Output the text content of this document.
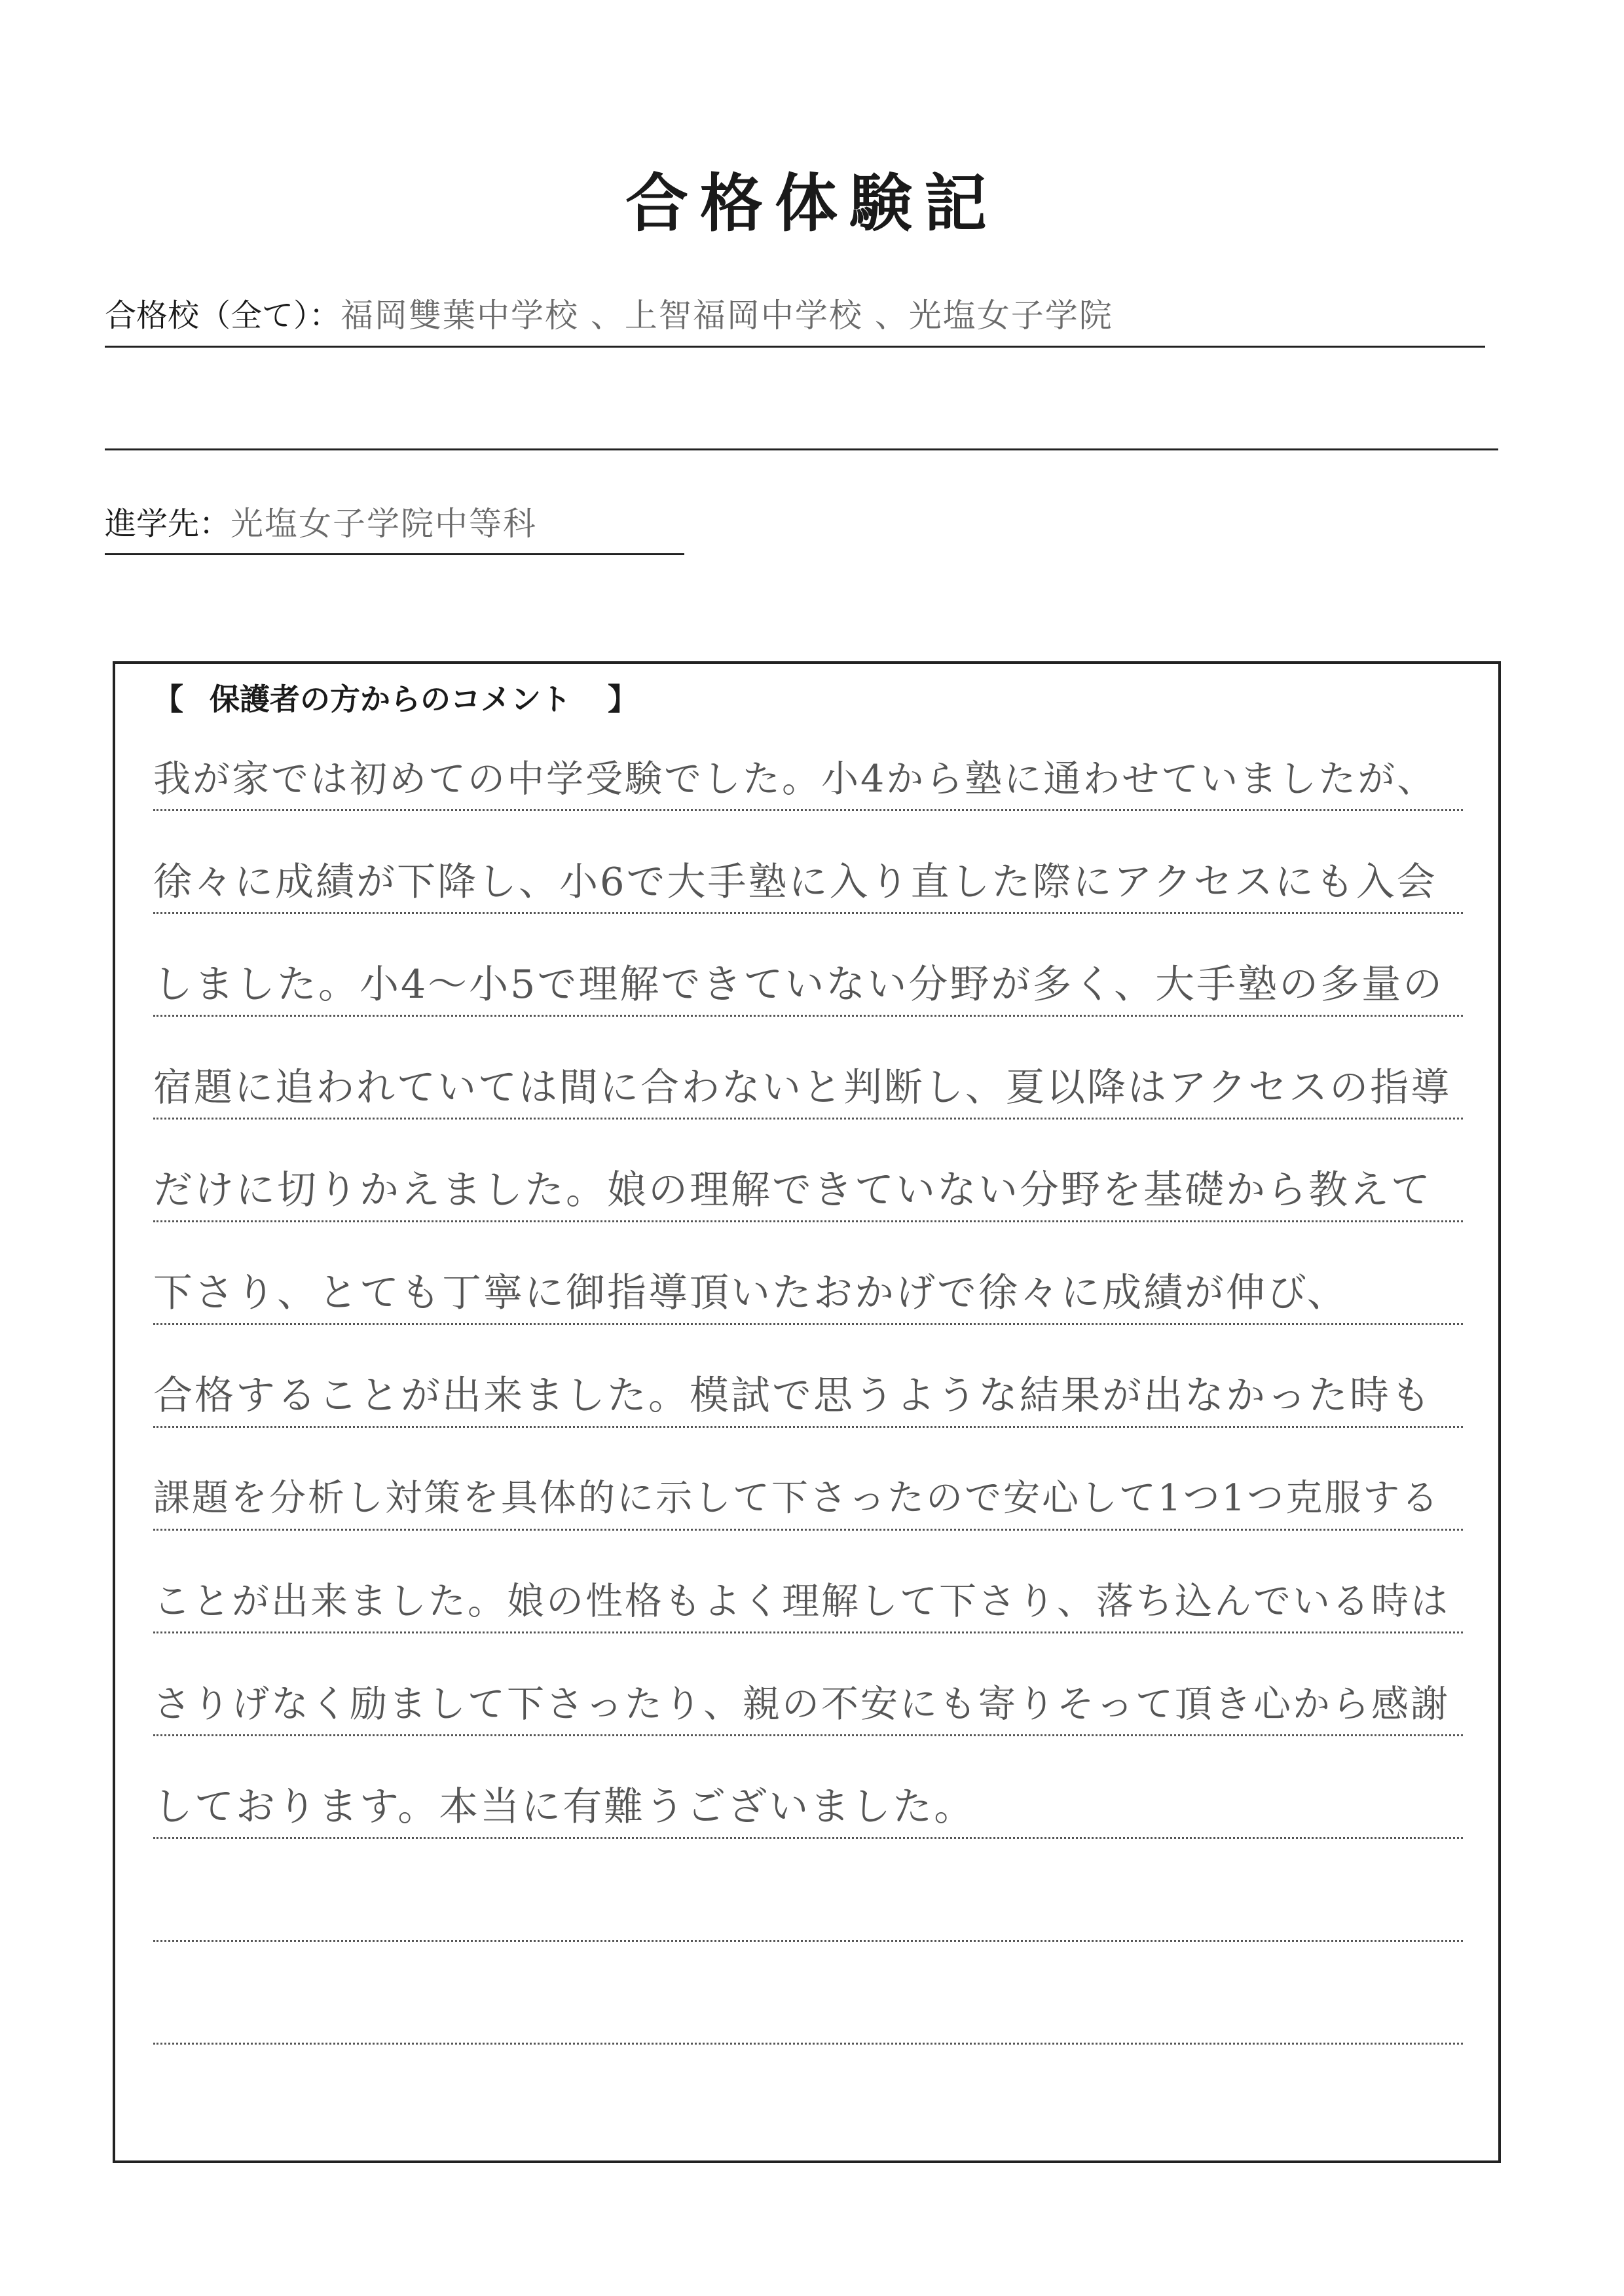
合格体験記
合格校（全て）： 福岡雙葉中学校 、上智福岡中学校 、光塩女子学院
進学先： 光塩女子学院中等科
【 保護者の方からのコメント 】
我が家では初めての中学受験でした。小4から塾に通わせていましたが、
徐々に成績が下降し、小6で大手塾に入り直した際にアクセスにも入会
しました。小4〜小5で理解できていない分野が多く、大手塾の多量の
宿題に追われていては間に合わないと判断し、夏以降はアクセスの指導
だけに切りかえました。娘の理解できていない分野を基礎から教えて
下さり、とても丁寧に御指導頂いたおかげで徐々に成績が伸び、
合格することが出来ました。模試で思うような結果が出なかった時も
課題を分析し対策を具体的に示して下さったので安心して1つ1つ克服する
ことが出来ました。娘の性格もよく理解して下さり、落ち込んでいる時は
さりげなく励まして下さったり、親の不安にも寄りそって頂き心から感謝
しております。本当に有難うございました。
